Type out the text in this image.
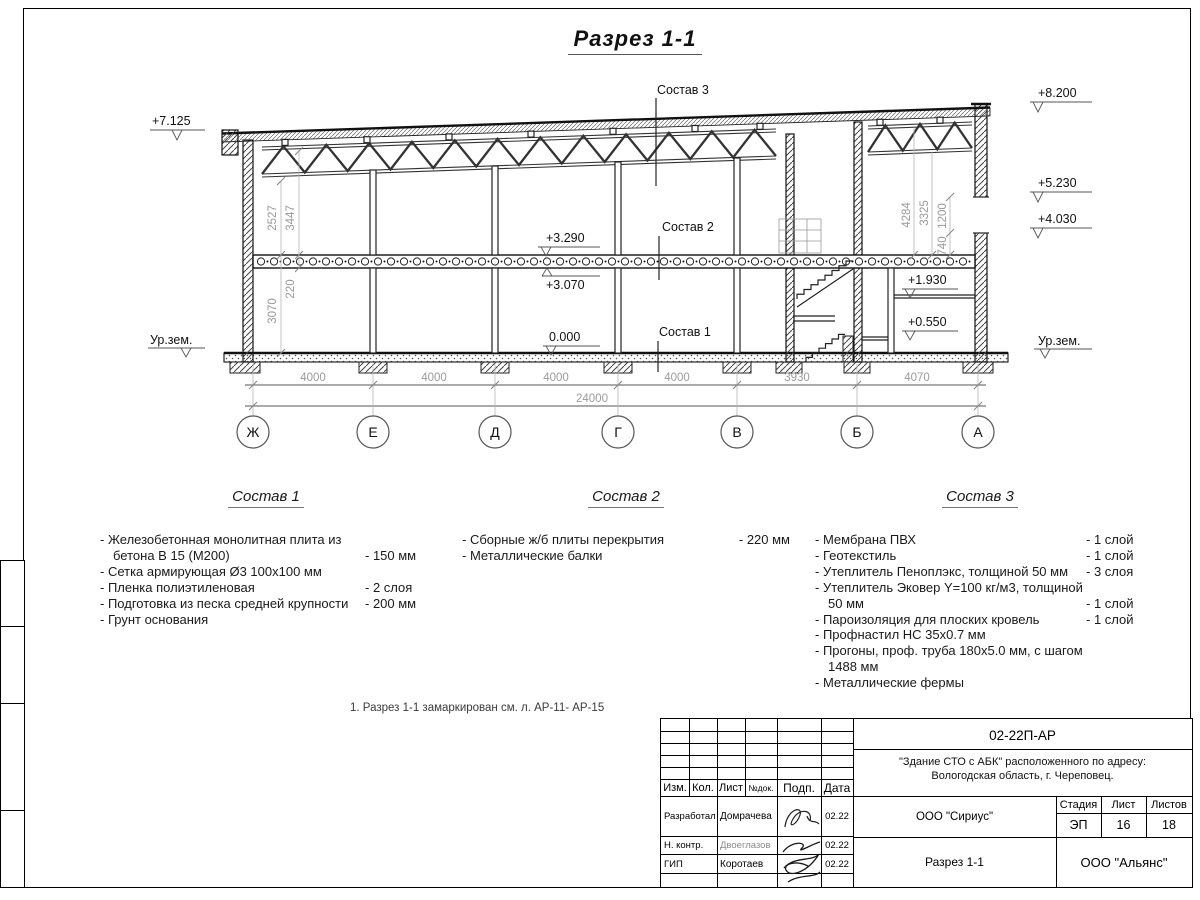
Разрез 1-1
2527 3447
220
3070
4284 3325 1200
740
4000	4000	4000	4000	3930	4070
24000
Ж	Е	Д	Г	В	Б	А
+7.125
Ур.зем.
+8.200
+5.230
+4.030
Ур.зем.
+3.290
+3.070
0.000
+1.930
+0.550
Состав 3
Состав 2
Состав 1
Состав 1
- Железобетонная монолитная плита из бетона В 15 (М200)	- 150 мм
- Сетка армирующая Ø3 100х100 мм
- Пленка полиэтиленовая	- 2 слоя
- Подготовка из песка средней крупности	- 200 мм
- Грунт основания
Состав 2
- Сборные ж/б плиты перекрытия	- 220 мм
- Металлические балки
Состав 3
- Мембрана ПВХ	- 1 слой
- Геотекстиль	- 1 слой
- Утеплитель Пеноплэкс, толщиной 50 мм	- 3 слоя
- Утеплитель Эковер Y=100 кг/м3, толщиной 50 мм	- 1 слой
- Пароизоляция для плоских кровель	- 1 слой
- Профнастил НС 35х0.7 мм
- Прогоны, проф. труба 180х5.0 мм, с шагом 1488 мм
- Металлические фермы
1. Разрез 1-1 замаркирован см. л. АР-11- АР-15
Изм. Кол. Лист №док. Подп. Дата
Разработал Домрачева	02.22
Н. контр.	Двоеглазов	02.22
ГИП	Коротаев	02.22
02-22П-АР
"Здание СТО с АБК" расположенного по адресу:
Вологодская область, г. Череповец.
ООО "Сириус"
Стадия	Лист	Листов
ЭП	16	18
Разрез 1-1	ООО "Альянс"
